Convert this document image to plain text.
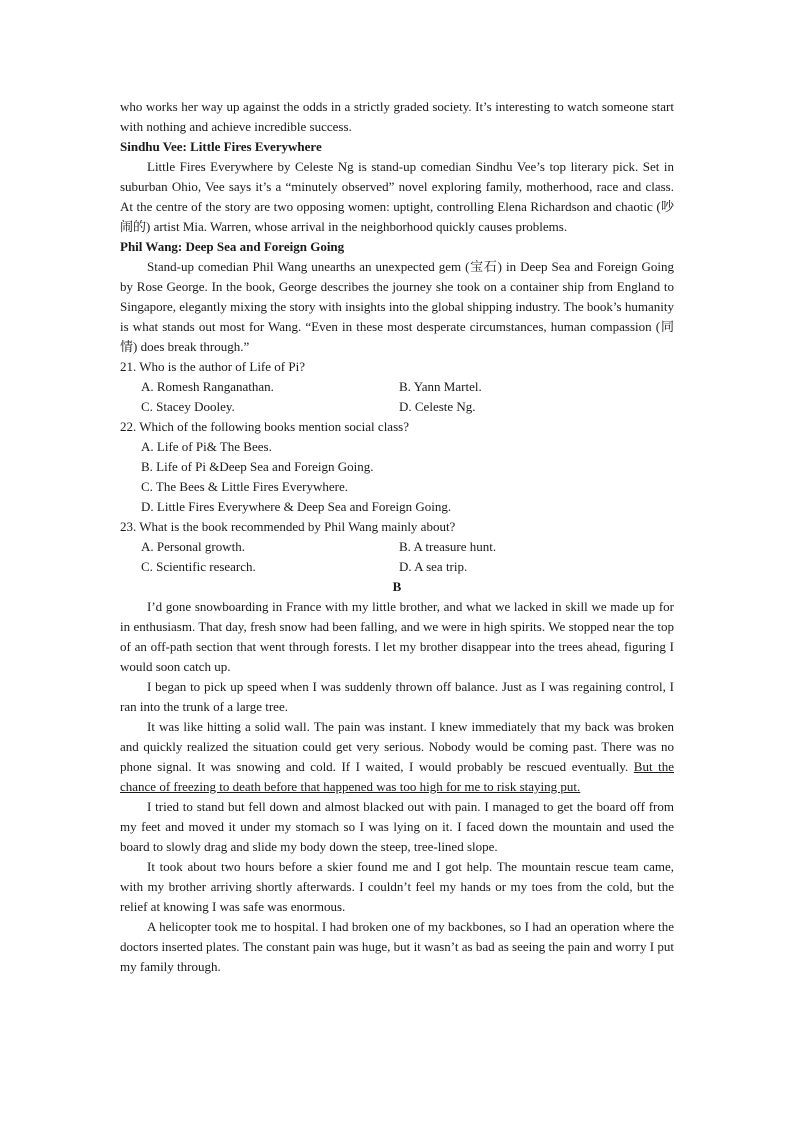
who works her way up against the odds in a strictly graded society. It’s interesting to watch someone start with nothing and achieve incredible success.

Sindhu Vee: Little Fires Everywhere

Little Fires Everywhere by Celeste Ng is stand-up comedian Sindhu Vee’s top literary pick. Set in suburban Ohio, Vee says it’s a “minutely observed” novel exploring family, motherhood, race and class. At the centre of the story are two opposing women: uptight, controlling Elena Richardson and chaotic (吵闹的) artist Mia. Warren, whose arrival in the neighborhood quickly causes problems.

Phil Wang: Deep Sea and Foreign Going

Stand-up comedian Phil Wang unearths an unexpected gem (宝石) in Deep Sea and Foreign Going by Rose George. In the book, George describes the journey she took on a container ship from England to Singapore, elegantly mixing the story with insights into the global shipping industry. The book’s humanity is what stands out most for Wang. “Even in these most desperate circumstances, human compassion (同情) does break through.”

21. Who is the author of Life of Pi?

A. Romesh Ranganathan.	B. Yann Martel.
C. Stacey Dooley.	D. Celeste Ng.

22. Which of the following books mention social class?

A. Life of Pi& The Bees.
B. Life of Pi &Deep Sea and Foreign Going.
C. The Bees & Little Fires Everywhere.
D. Little Fires Everywhere & Deep Sea and Foreign Going.

23. What is the book recommended by Phil Wang mainly about?

A. Personal growth.	B. A treasure hunt.
C. Scientific research.	D. A sea trip.

B

I’d gone snowboarding in France with my little brother, and what we lacked in skill we made up for in enthusiasm. That day, fresh snow had been falling, and we were in high spirits. We stopped near the top of an off-path section that went through forests. I let my brother disappear into the trees ahead, figuring I would soon catch up.

I began to pick up speed when I was suddenly thrown off balance. Just as I was regaining control, I ran into the trunk of a large tree.

It was like hitting a solid wall. The pain was instant. I knew immediately that my back was broken and quickly realized the situation could get very serious. Nobody would be coming past. There was no phone signal. It was snowing and cold. If I waited, I would probably be rescued eventually. But the chance of freezing to death before that happened was too high for me to risk staying put.

I tried to stand but fell down and almost blacked out with pain. I managed to get the board off from my feet and moved it under my stomach so I was lying on it. I faced down the mountain and used the board to slowly drag and slide my body down the steep, tree-lined slope.

It took about two hours before a skier found me and I got help. The mountain rescue team came, with my brother arriving shortly afterwards. I couldn’t feel my hands or my toes from the cold, but the relief at knowing I was safe was enormous.

A helicopter took me to hospital. I had broken one of my backbones, so I had an operation where the doctors inserted plates. The constant pain was huge, but it wasn’t as bad as seeing the pain and worry I put my family through.
